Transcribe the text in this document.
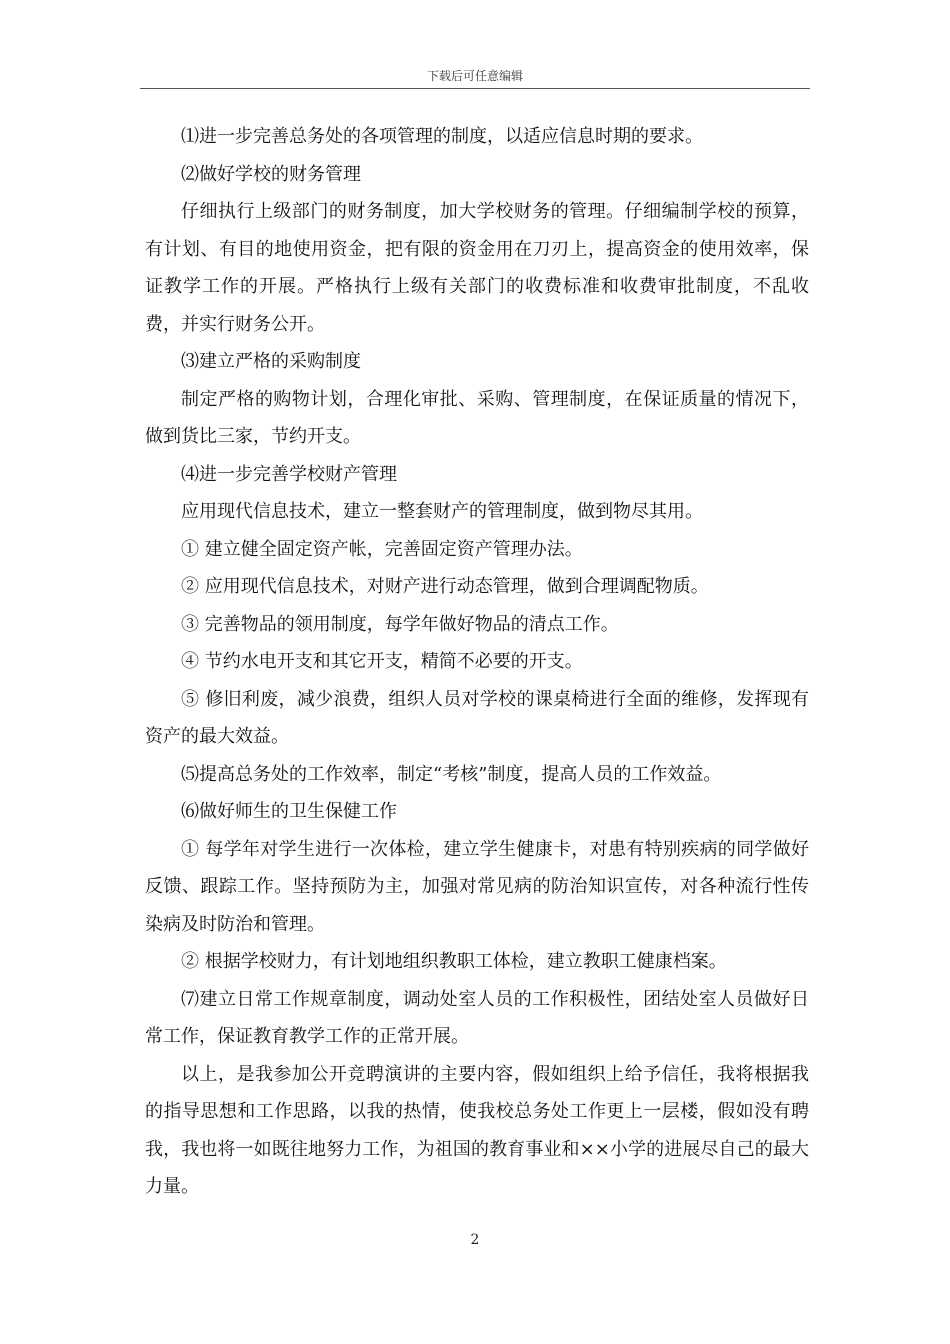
下载后可任意编辑

⑴进一步完善总务处的各项管理的制度，以适应信息时期的要求。

⑵做好学校的财务管理

仔细执行上级部门的财务制度，加大学校财务的管理。仔细编制学校的预算，有计划、有目的地使用资金，把有限的资金用在刀刃上，提高资金的使用效率，保证教学工作的开展。严格执行上级有关部门的收费标准和收费审批制度，不乱收费，并实行财务公开。

⑶建立严格的采购制度

制定严格的购物计划，合理化审批、采购、管理制度，在保证质量的情况下，做到货比三家，节约开支。

⑷进一步完善学校财产管理

应用现代信息技术，建立一整套财产的管理制度，做到物尽其用。

① 建立健全固定资产帐，完善固定资产管理办法。

② 应用现代信息技术，对财产进行动态管理，做到合理调配物质。

③ 完善物品的领用制度，每学年做好物品的清点工作。

④ 节约水电开支和其它开支，精简不必要的开支。

⑤ 修旧利废，减少浪费，组织人员对学校的课桌椅进行全面的维修，发挥现有资产的最大效益。

⑸提高总务处的工作效率，制定“考核”制度，提高人员的工作效益。

⑹做好师生的卫生保健工作

① 每学年对学生进行一次体检，建立学生健康卡，对患有特别疾病的同学做好反馈、跟踪工作。坚持预防为主，加强对常见病的防治知识宣传，对各种流行性传染病及时防治和管理。

② 根据学校财力，有计划地组织教职工体检，建立教职工健康档案。

⑺建立日常工作规章制度，调动处室人员的工作积极性，团结处室人员做好日常工作，保证教育教学工作的正常开展。

以上，是我参加公开竞聘演讲的主要内容，假如组织上给予信任，我将根据我的指导思想和工作思路，以我的热情，使我校总务处工作更上一层楼，假如没有聘我，我也将一如既往地努力工作，为祖国的教育事业和××小学的进展尽自己的最大力量。

2
